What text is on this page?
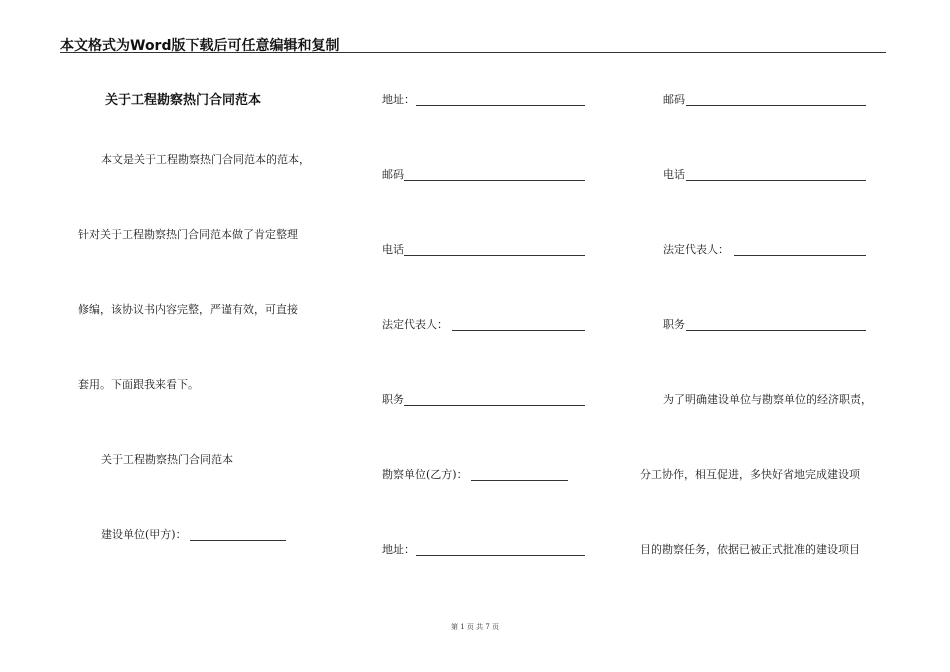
本文格式为Word版下载后可任意编辑和复制
关于工程勘察热门合同范本
本文是关于工程勘察热门合同范本的范本，
针对关于工程勘察热门合同范本做了肯定整理
修编，该协议书内容完整，严谨有效，可直接
套用。下面跟我来看下。
关于工程勘察热门合同范本
建设单位(甲方)：
地址：
邮码
电话
法定代表人：
职务
勘察单位(乙方)：
地址：
邮码
电话
法定代表人：
职务
为了明确建设单位与勘察单位的经济职责，
分工协作，相互促进，多快好省地完成建设项
目的勘察任务，依据已被正式批准的建设项目
第 1 页 共 7 页
